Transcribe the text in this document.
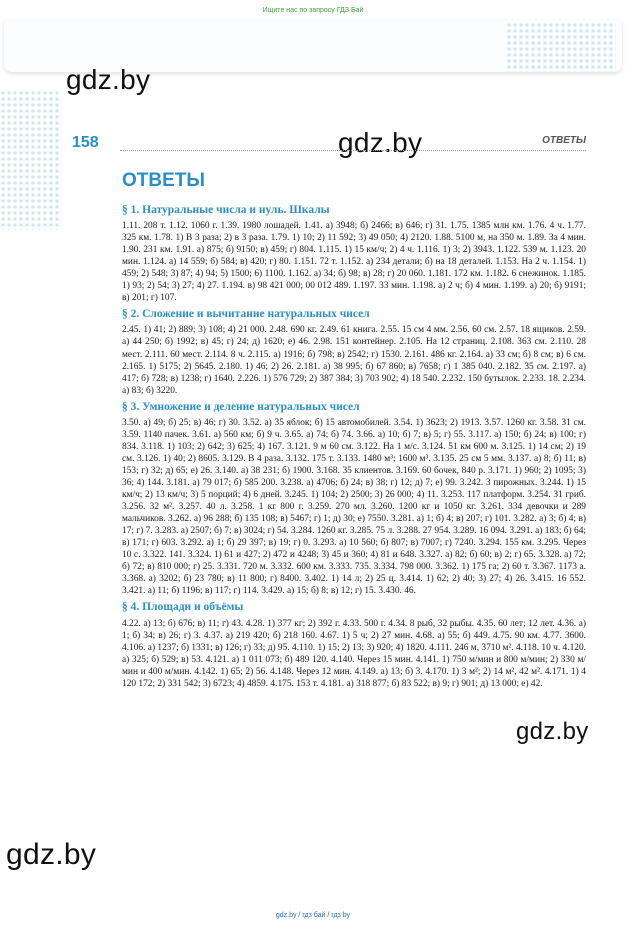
Ищите нас по запросу ГДЗ Бай
gdz.by
gdz.by
gdz.by
gdz.by
158	ОТВЕТЫ
ОТВЕТЫ
§ 1. Натуральные числа и нуль. Шкалы

1.11. 208 т. 1.12. 1060 г. 1.39. 1980 лошадей. 1.41. а) 3948; б) 2466; в) 646; г) 31. 1.75. 1385 млн км. 1.76. 4 ч. 1.77. 325 км. 1.78. 1) В 3 раза; 2) в 3 раза. 1.79. 1) 10; 2) 11 592; 3) 49 050; 4) 2120. 1.88. 5100 м, на 350 м. 1.89. За 4 мин. 1.90. 231 км. 1.91. а) 875; б) 9150; в) 459; г) 804. 1.115. 1) 15 км/ч; 2) 4 ч. 1.116. 1) 3; 2) 3943. 1.122. 539 м. 1.123. 20 мин. 1.124. а) 14 559; б) 584; в) 420; г) 80. 1.151. 72 т. 1.152. а) 234 детали; б) на 18 деталей. 1.153. На 2 ч. 1.154. 1) 459; 2) 548; 3) 87; 4) 94; 5) 1500; 6) 1100. 1.162. а) 34; б) 98; в) 28; г) 20 060. 1.181. 172 км. 1.182. 6 снежинок. 1.185. 1) 93; 2) 54; 3) 27; 4) 27. 1.194. в) 98 421 000; 00 012 489. 1.197. 33 мин. 1.198. а) 2 ч; б) 4 мин. 1.199. а) 20; б) 9191; в) 201; г) 107.

§ 2. Сложение и вычитание натуральных чисел

2.45. 1) 41; 2) 889; 3) 108; 4) 21 000. 2.48. 690 кг. 2.49. 61 книга. 2.55. 15 см 4 мм. 2.56. 60 см. 2.57. 18 ящиков. 2.59. а) 44 250; б) 1992; в) 45; г) 24; д) 1620; е) 46. 2.98. 151 контейнер. 2.105. На 12 страниц. 2.108. 363 см. 2.110. 28 мест. 2.111. 60 мест. 2.114. 8 ч. 2.115. а) 1916; б) 798; в) 2542; г) 1530. 2.161. 486 кг. 2.164. а) 33 см; б) 8 см; в) 6 см. 2.165. 1) 5175; 2) 5645. 2.180. 1) 46; 2) 26. 2.181. а) 38 995; б) 67 860; в) 7658; г) 1 385 040. 2.182. 35 см. 2.197. а) 417; б) 728; в) 1238; г) 1640. 2.226. 1) 576 729; 2) 387 384; 3) 703 902; 4) 18 540. 2.232. 150 бутылок. 2.233. 18. 2.234. а) 83; б) 3220.

§ 3. Умножение и деление натуральных чисел

3.50. а) 49; б) 25; в) 46; г) 30. 3.52. а) 35 яблок; б) 15 автомобилей. 3.54. 1) 3623; 2) 1913. 3.57. 1260 кг. 3.58. 31 см. 3.59. 1140 пачек. 3.61. а) 560 км; б) 9 ч. 3.65. а) 74; б) 74. 3.66. а) 10; б) 7; в) 5; г) 55. 3.117. а) 150; б) 24; в) 100; г) 834. 3.118. 1) 103; 2) 642; 3) 625; 4) 167. 3.121. 9 м 60 см. 3.122. На 1 м/с. 3.124. 51 км 600 м. 3.125. 1) 14 см; 2) 19 см. 3.126. 1) 40; 2) 8605. 3.129. В 4 раза. 3.132. 175 т. 3.133. 1480 м³; 1600 м³. 3.135. 25 см 5 мм. 3.137. а) 8; б) 11; в) 153; г) 32; д) 65; е) 26. 3.140. а) 38 231; б) 1900. 3.168. 35 клиентов. 3.169. 60 бочек, 840 р. 3.171. 1) 960; 2) 1095; 3) 36; 4) 144. 3.181. а) 79 017; б) 585 200. 3.238. а) 4706; б) 24; в) 38; г) 12; д) 7; е) 99. 3.242. 3 пирожных. 3.244. 1) 15 км/ч; 2) 13 км/ч; 3) 5 порций; 4) 6 дней. 3.245. 1) 104; 2) 2500; 3) 26 000; 4) 11. 3.253. 117 платформ. 3.254. 31 гриб. 3.256. 32 м². 3.257. 40 л. 3.258. 1 кг 800 г. 3.259. 270 мл. 3.260. 1200 кг и 1050 кг. 3.261. 334 девочки и 289 мальчиков. 3.262. а) 96 288; б) 135 108; в) 5467; г) 1; д) 30; е) 7550. 3.281. а) 1; б) 4; в) 207; г) 101. 3.282. а) 3; б) 4; в) 17; г) 7. 3.283. а) 2507; б) 7; в) 3024; г) 54. 3.284. 1260 кг. 3.285. 75 л. 3.288. 27 954. 3.289. 16 094. 3.291. а) 183; б) 64; в) 171; г) 603. 3.292. а) 1; б) 29 397; в) 19; г) 0. 3.293. а) 10 560; б) 807; в) 7007; г) 7240. 3.294. 155 км. 3.295. Через 10 с. 3.322. 141. 3.324. 1) 61 и 427; 2) 472 и 4248; 3) 45 и 360; 4) 81 и 648. 3.327. а) 82; б) 60; в) 2; г) 65. 3.328. а) 72; б) 72; в) 810 000; г) 25. 3.331. 720 м. 3.332. 600 км. 3.333. 735. 3.334. 798 000. 3.362. 1) 175 га; 2) 60 т. 3.367. 1173 а. 3.368. а) 3202; б) 23 780; в) 11 800; г) 8400. 3.402. 1) 14 л; 2) 25 ц. 3.414. 1) 62; 2) 40; 3) 27; 4) 26. 3.415. 16 552. 3.421. а) 11; б) 1196; в) 117; г) 114. 3.429. а) 15; б) 8; в) 12; г) 15. 3.430. 46.

§ 4. Площади и объёмы

4.22. а) 13; б) 676; в) 11; г) 43. 4.28. 1) 377 кг; 2) 392 г. 4.33. 500 г. 4.34. 8 рыб, 32 рыбы. 4.35. 60 лет; 12 лет. 4.36. а) 1; б) 34; в) 26; г) 3. 4.37. а) 219 420; б) 218 160. 4.67. 1) 5 ч; 2) 27 мин. 4.68. а) 55; б) 449. 4.75. 90 км. 4.77. 3600. 4.106. а) 1237; б) 1331; в) 126; г) 33; д) 95. 4.110. 1) 15; 2) 13; 3) 920; 4) 1820. 4.111. 246 м, 3710 м². 4.118. 10 ч. 4.120. а) 325; б) 529; в) 53. 4.121. а) 1 011 073; б) 489 120. 4.140. Через 15 мин. 4.141. 1) 750 м/мин и 800 м/мин; 2) 330 м/мин и 400 м/мин. 4.142. 1) 65; 2) 56. 4.148. Через 12 мин. 4.149. а) 13; б) 3. 4.170. 1) 3 м²; 2) 14 м², 42 м². 4.171. 1) 4 120 172; 2) 331 542; 3) 6723; 4) 4859. 4.175. 153 т. 4.181. а) 318 877; б) 83 522; в) 9; г) 901; д) 13 000; е) 42.

gdz.by / гдз бай / гдз by
